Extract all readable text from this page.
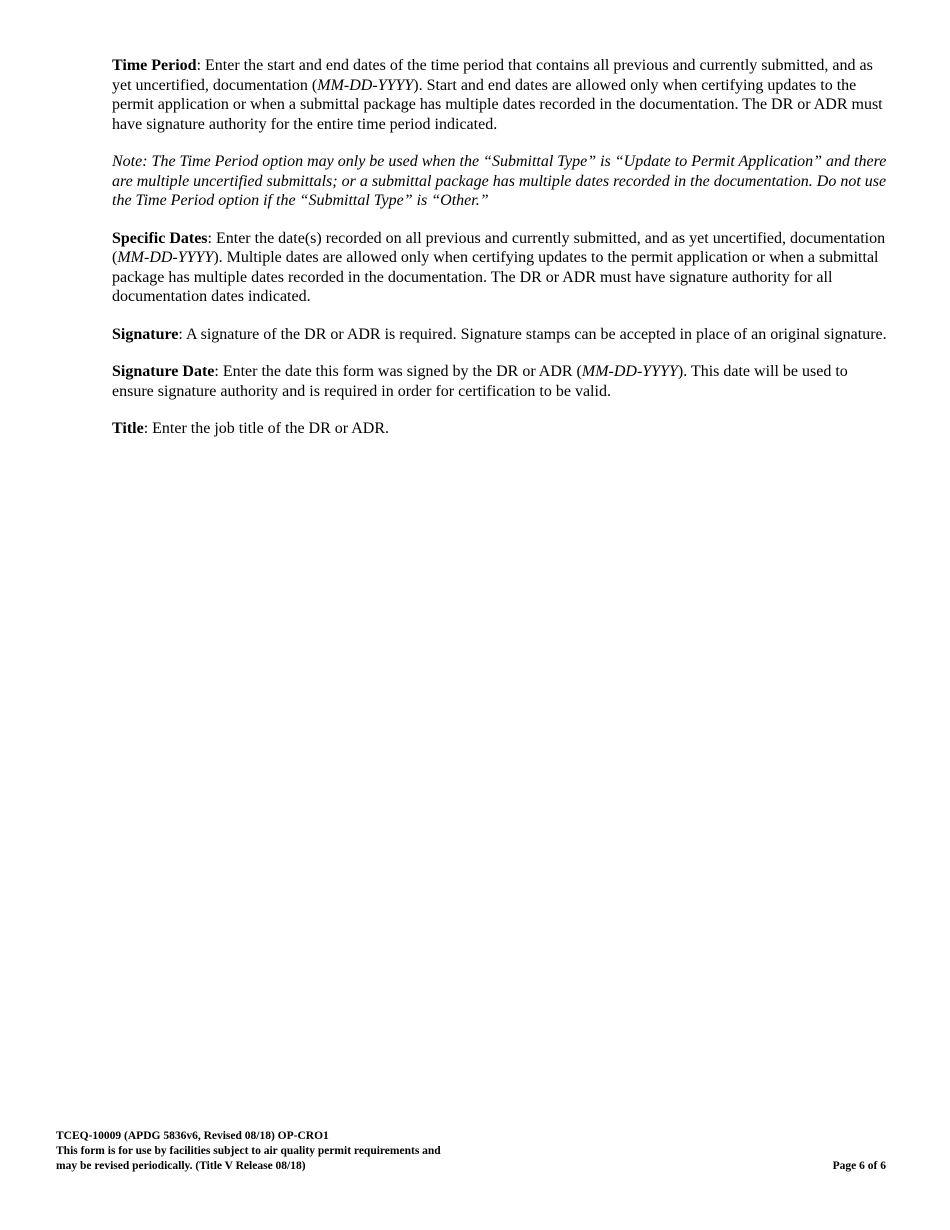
Time Period: Enter the start and end dates of the time period that contains all previous and currently submitted, and as yet uncertified, documentation (MM-DD-YYYY). Start and end dates are allowed only when certifying updates to the permit application or when a submittal package has multiple dates recorded in the documentation. The DR or ADR must have signature authority for the entire time period indicated.

Note: The Time Period option may only be used when the “Submittal Type” is “Update to Permit Application” and there are multiple uncertified submittals; or a submittal package has multiple dates recorded in the documentation. Do not use the Time Period option if the “Submittal Type” is “Other.”

Specific Dates: Enter the date(s) recorded on all previous and currently submitted, and as yet uncertified, documentation (MM-DD-YYYY). Multiple dates are allowed only when certifying updates to the permit application or when a submittal package has multiple dates recorded in the documentation. The DR or ADR must have signature authority for all documentation dates indicated.

Signature: A signature of the DR or ADR is required. Signature stamps can be accepted in place of an original signature.

Signature Date: Enter the date this form was signed by the DR or ADR (MM-DD-YYYY). This date will be used to ensure signature authority and is required in order for certification to be valid.

Title: Enter the job title of the DR or ADR.

TCEQ-10009 (APDG 5836v6, Revised 08/18) OP-CRO1
This form is for use by facilities subject to air quality permit requirements and
may be revised periodically. (Title V Release 08/18)	Page 6 of 6
